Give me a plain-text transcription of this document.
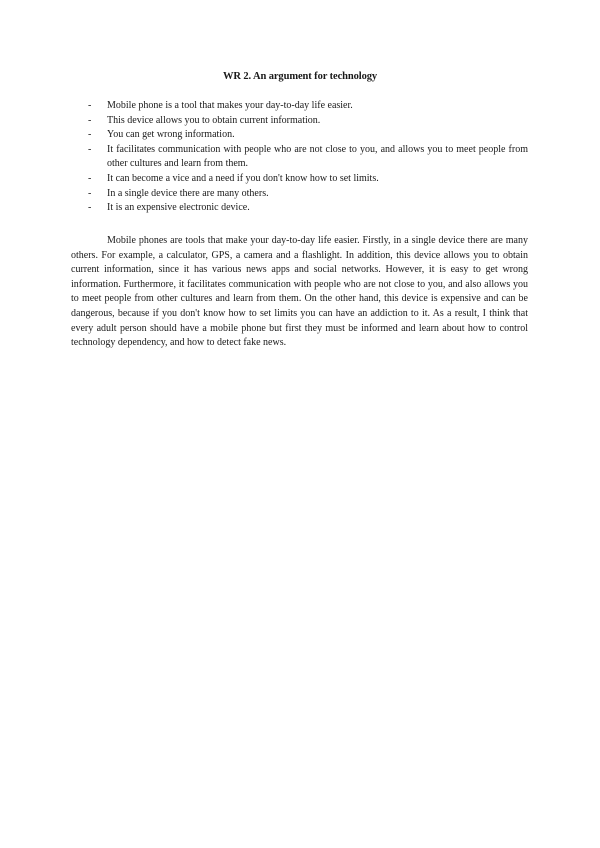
WR 2. An argument for technology
- Mobile phone is a tool that makes your day-to-day life easier.
- This device allows you to obtain current information.
- You can get wrong information.
- It facilitates communication with people who are not close to you, and allows you to meet people from other cultures and learn from them.
- It can become a vice and a need if you don't know how to set limits.
- In a single device there are many others.
- It is an expensive electronic device.

Mobile phones are tools that make your day-to-day life easier. Firstly, in a single device there are many others. For example, a calculator, GPS, a camera and a flashlight. In addition, this device allows you to obtain current information, since it has various news apps and social networks. However, it is easy to get wrong information. Furthermore, it facilitates communication with people who are not close to you, and also allows you to meet people from other cultures and learn from them. On the other hand, this device is expensive and can be dangerous, because if you don't know how to set limits you can have an addiction to it. As a result, I think that every adult person should have a mobile phone but first they must be informed and learn about how to control technology dependency, and how to detect fake news.
